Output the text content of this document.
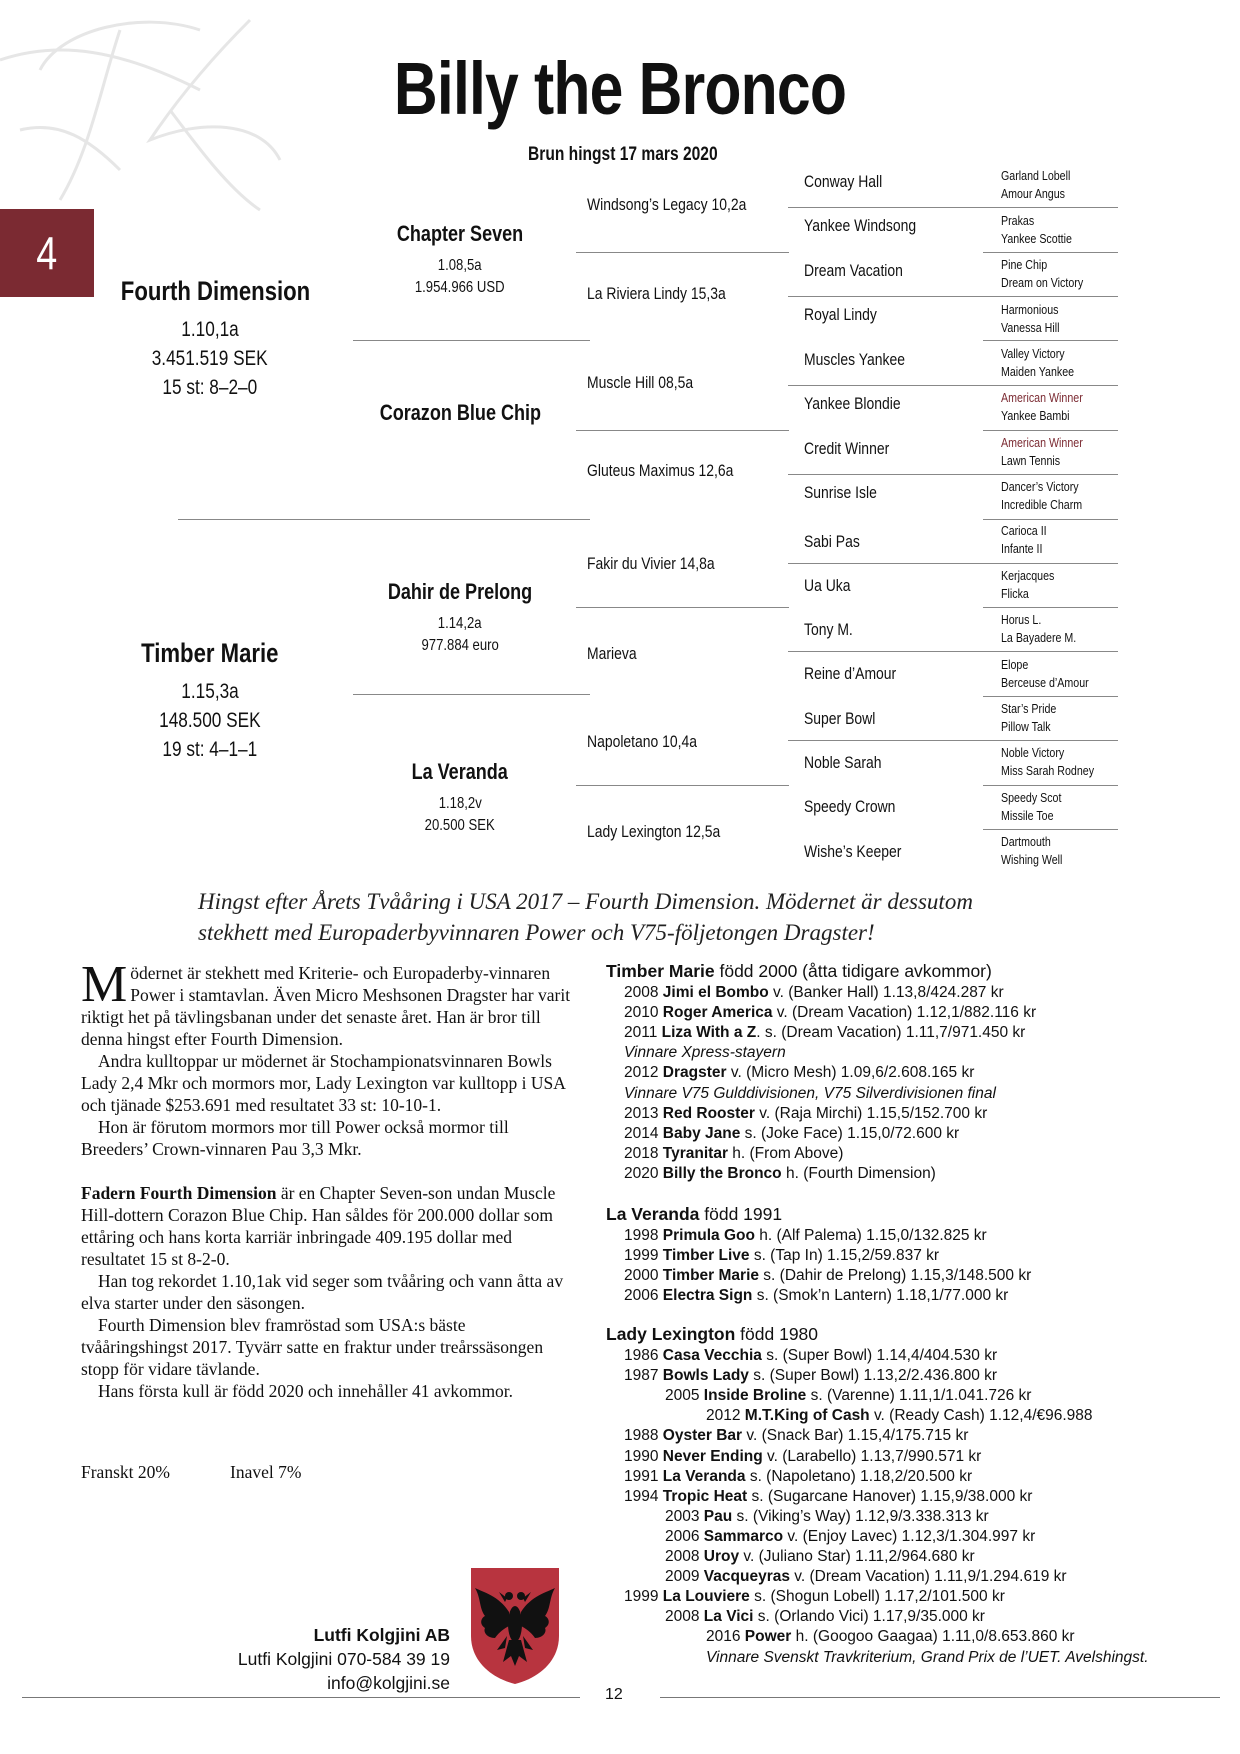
Billy the Bronco
Brun hingst 17 mars 2020
4
Fourth Dimension
1.10,1a
3.451.519 SEK
15 st: 8–2–0
Timber Marie
1.15,3a
148.500 SEK
19 st: 4–1–1
Chapter Seven
1.08,5a
1.954.966 USD
Corazon Blue Chip
Dahir de Prelong
1.14,2a
977.884 euro
La Veranda
1.18,2v
20.500 SEK
Windsong’s Legacy 10,2a
La Riviera Lindy 15,3a
Muscle Hill 08,5a
Gluteus Maximus 12,6a
Fakir du Vivier 14,8a
Marieva
Napoletano 10,4a
Lady Lexington 12,5a
Conway Hall
Yankee Windsong
Dream Vacation
Royal Lindy
Muscles Yankee
Yankee Blondie
Credit Winner
Sunrise Isle
Sabi Pas
Ua Uka
Tony M.
Reine d’Amour
Super Bowl
Noble Sarah
Speedy Crown
Wishe’s Keeper
Garland Lobell
Amour Angus
Prakas
Yankee Scottie
Pine Chip
Dream on Victory
Harmonious
Vanessa Hill
Valley Victory
Maiden Yankee
American Winner
Yankee Bambi
American Winner
Lawn Tennis
Dancer’s Victory
Incredible Charm
Carioca II
Infante II
Kerjacques
Flicka
Horus L.
La Bayadere M.
Elope
Berceuse d’Amour
Star’s Pride
Pillow Talk
Noble Victory
Miss Sarah Rodney
Speedy Scot
Missile Toe
Dartmouth
Wishing Well
Hingst efter Årets Tvååring i USA 2017 – Fourth Dimension. Mödernet är dessutom
stekhett med Europaderbyvinnaren Power och V75-följetongen Dragster!

Mödernet är stekhett med Kriterie- och Europaderby-vinnaren Power i stamtavlan. Även Micro Meshsonen Dragster har varit riktigt het på tävlingsbanan under det senaste året. Han är bror till denna hingst efter Fourth Dimension.

Andra kulltoppar ur mödernet är Stochampionatsvinnaren Bowls Lady 2,4 Mkr och mormors mor, Lady Lexington var kulltopp i USA och tjänade $253.691 med resultatet 33 st: 10-10-1.

Hon är förutom mormors mor till Power också mormor till Breeders’ Crown-vinnaren Pau 3,3 Mkr.

Fadern Fourth Dimension är en Chapter Seven-son undan Muscle Hill-dottern Corazon Blue Chip. Han såldes för 200.000 dollar som ettåring och hans korta karriär inbringade 409.195 dollar med resultatet 15 st 8-2-0.

Han tog rekordet 1.10,1ak vid seger som tvååring och vann åtta av elva starter under den säsongen.

Fourth Dimension blev framröstad som USA:s bäste tvååringshingst 2017. Tyvärr satte en fraktur under treårssäsongen stopp för vidare tävlande.

Hans första kull är född 2020 och innehåller 41 avkommor.

Franskt 20%	Inavel 7%
Timber Marie född 2000 (åtta tidigare avkommor)
2008 Jimi el Bombo v. (Banker Hall) 1.13,8/424.287 kr
2010 Roger America v. (Dream Vacation) 1.12,1/882.116 kr
2011 Liza With a Z. s. (Dream Vacation) 1.11,7/971.450 kr
Vinnare Xpress-stayern
2012 Dragster v. (Micro Mesh) 1.09,6/2.608.165 kr
Vinnare V75 Gulddivisionen, V75 Silverdivisionen final
2013 Red Rooster v. (Raja Mirchi) 1.15,5/152.700 kr
2014 Baby Jane s. (Joke Face) 1.15,0/72.600 kr
2018 Tyranitar h. (From Above)
2020 Billy the Bronco h. (Fourth Dimension)
La Veranda född 1991
1998 Primula Goo h. (Alf Palema) 1.15,0/132.825 kr
1999 Timber Live s. (Tap In) 1.15,2/59.837 kr
2000 Timber Marie s. (Dahir de Prelong) 1.15,3/148.500 kr
2006 Electra Sign s. (Smok’n Lantern) 1.18,1/77.000 kr
Lady Lexington född 1980
1986 Casa Vecchia s. (Super Bowl) 1.14,4/404.530 kr
1987 Bowls Lady s. (Super Bowl) 1.13,2/2.436.800 kr
2005 Inside Broline s. (Varenne) 1.11,1/1.041.726 kr
2012 M.T.King of Cash v. (Ready Cash) 1.12,4/€96.988
1988 Oyster Bar v. (Snack Bar) 1.15,4/175.715 kr
1990 Never Ending v. (Larabello) 1.13,7/990.571 kr
1991 La Veranda s. (Napoletano) 1.18,2/20.500 kr
1994 Tropic Heat s. (Sugarcane Hanover) 1.15,9/38.000 kr
2003 Pau s. (Viking’s Way) 1.12,9/3.338.313 kr
2006 Sammarco v. (Enjoy Lavec) 1.12,3/1.304.997 kr
2008 Uroy v. (Juliano Star) 1.11,2/964.680 kr
2009 Vacqueyras v. (Dream Vacation) 1.11,9/1.294.619 kr
1999 La Louviere s. (Shogun Lobell) 1.17,2/101.500 kr
2008 La Vici s. (Orlando Vici) 1.17,9/35.000 kr
2016 Power h. (Googoo Gaagaa) 1.11,0/8.653.860 kr
Vinnare Svenskt Travkriterium, Grand Prix de l’UET. Avelshingst.
Lutfi Kolgjini AB
Lutfi Kolgjini 070-584 39 19
info@kolgjini.se
12
